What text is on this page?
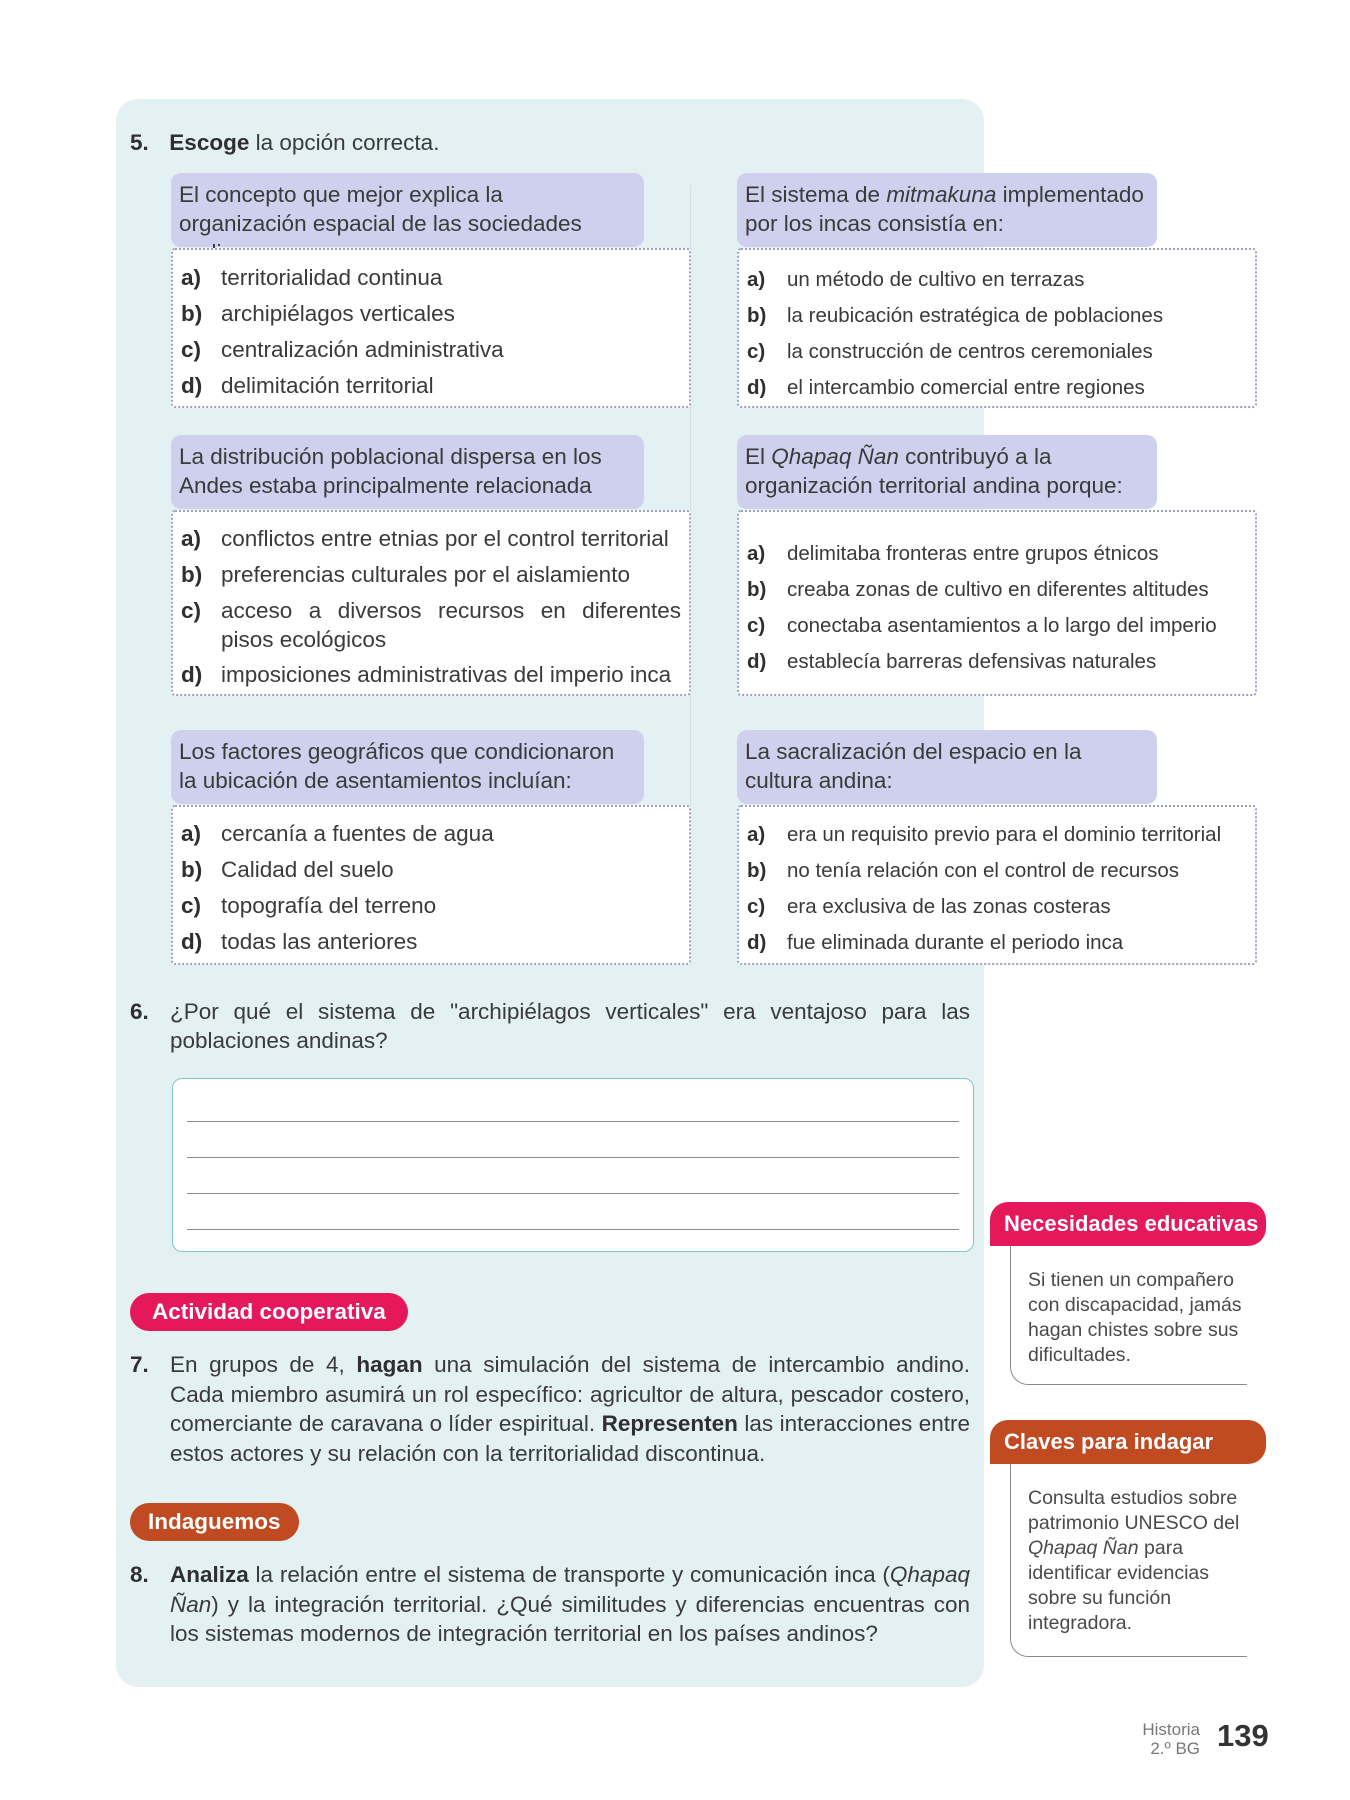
5. Escoge la opción correcta.
El concepto que mejor explica la organización espacial de las sociedades
a) territorialidad continua
b) archipiélagos verticales
c) centralización administrativa
d) delimitación territorial
El sistema de mitmakuna implementado por los incas consistía en:
a)	un método de cultivo en terrazas
b)	la reubicación estratégica de poblaciones
c)	la construcción de centros ceremoniales
d)	el intercambio comercial entre regiones
La distribución poblacional dispersa en los Andes estaba principalmente relacionada
a) conflictos entre etnias por el control territorial
b) preferencias culturales por el aislamiento
c) acceso a diversos recursos en diferentes pisos ecológicos
d) imposiciones administrativas del imperio inca
El Qhapaq Ñan contribuyó a la organización territorial andina porque:
a)	delimitaba fronteras entre grupos étnicos
b)	creaba zonas de cultivo en diferentes altitudes
c)	conectaba asentamientos a lo largo del imperio
d)	establecía barreras defensivas naturales
Los factores geográficos que condicionaron la ubicación de asentamientos incluían:
a) cercanía a fuentes de agua
b) Calidad del suelo
c) topografía del terreno
d) todas las anteriores
La sacralización del espacio en la cultura andina:
a)	era un requisito previo para el dominio territorial
b)	no tenía relación con el control de recursos
c)	era exclusiva de las zonas costeras
d)	fue eliminada durante el periodo inca
6. ¿Por qué el sistema de "archipiélagos verticales" era ventajoso para las poblaciones andinas?
Actividad cooperativa
7. En grupos de 4, hagan una simulación del sistema de intercambio andino. Cada miembro asumirá un rol específico: agricultor de altura, pescador costero, comerciante de caravana o líder espiritual. Representen las interacciones entre estos actores y su relación con la territorialidad discontinua.
Indaguemos
8. Analiza la relación entre el sistema de transporte y comunicación inca (Qhapaq Ñan) y la integración territorial. ¿Qué similitudes y diferencias encuentras con los sistemas modernos de integración territorial en los países andinos?
Necesidades educativas
Si tienen un compañero con discapacidad, jamás hagan chistes sobre sus dificultades.
Claves para indagar
Consulta estudios sobre patrimonio UNESCO del Qhapaq Ñan para identificar evidencias sobre su función integradora.
Historia
2.º BG 139
